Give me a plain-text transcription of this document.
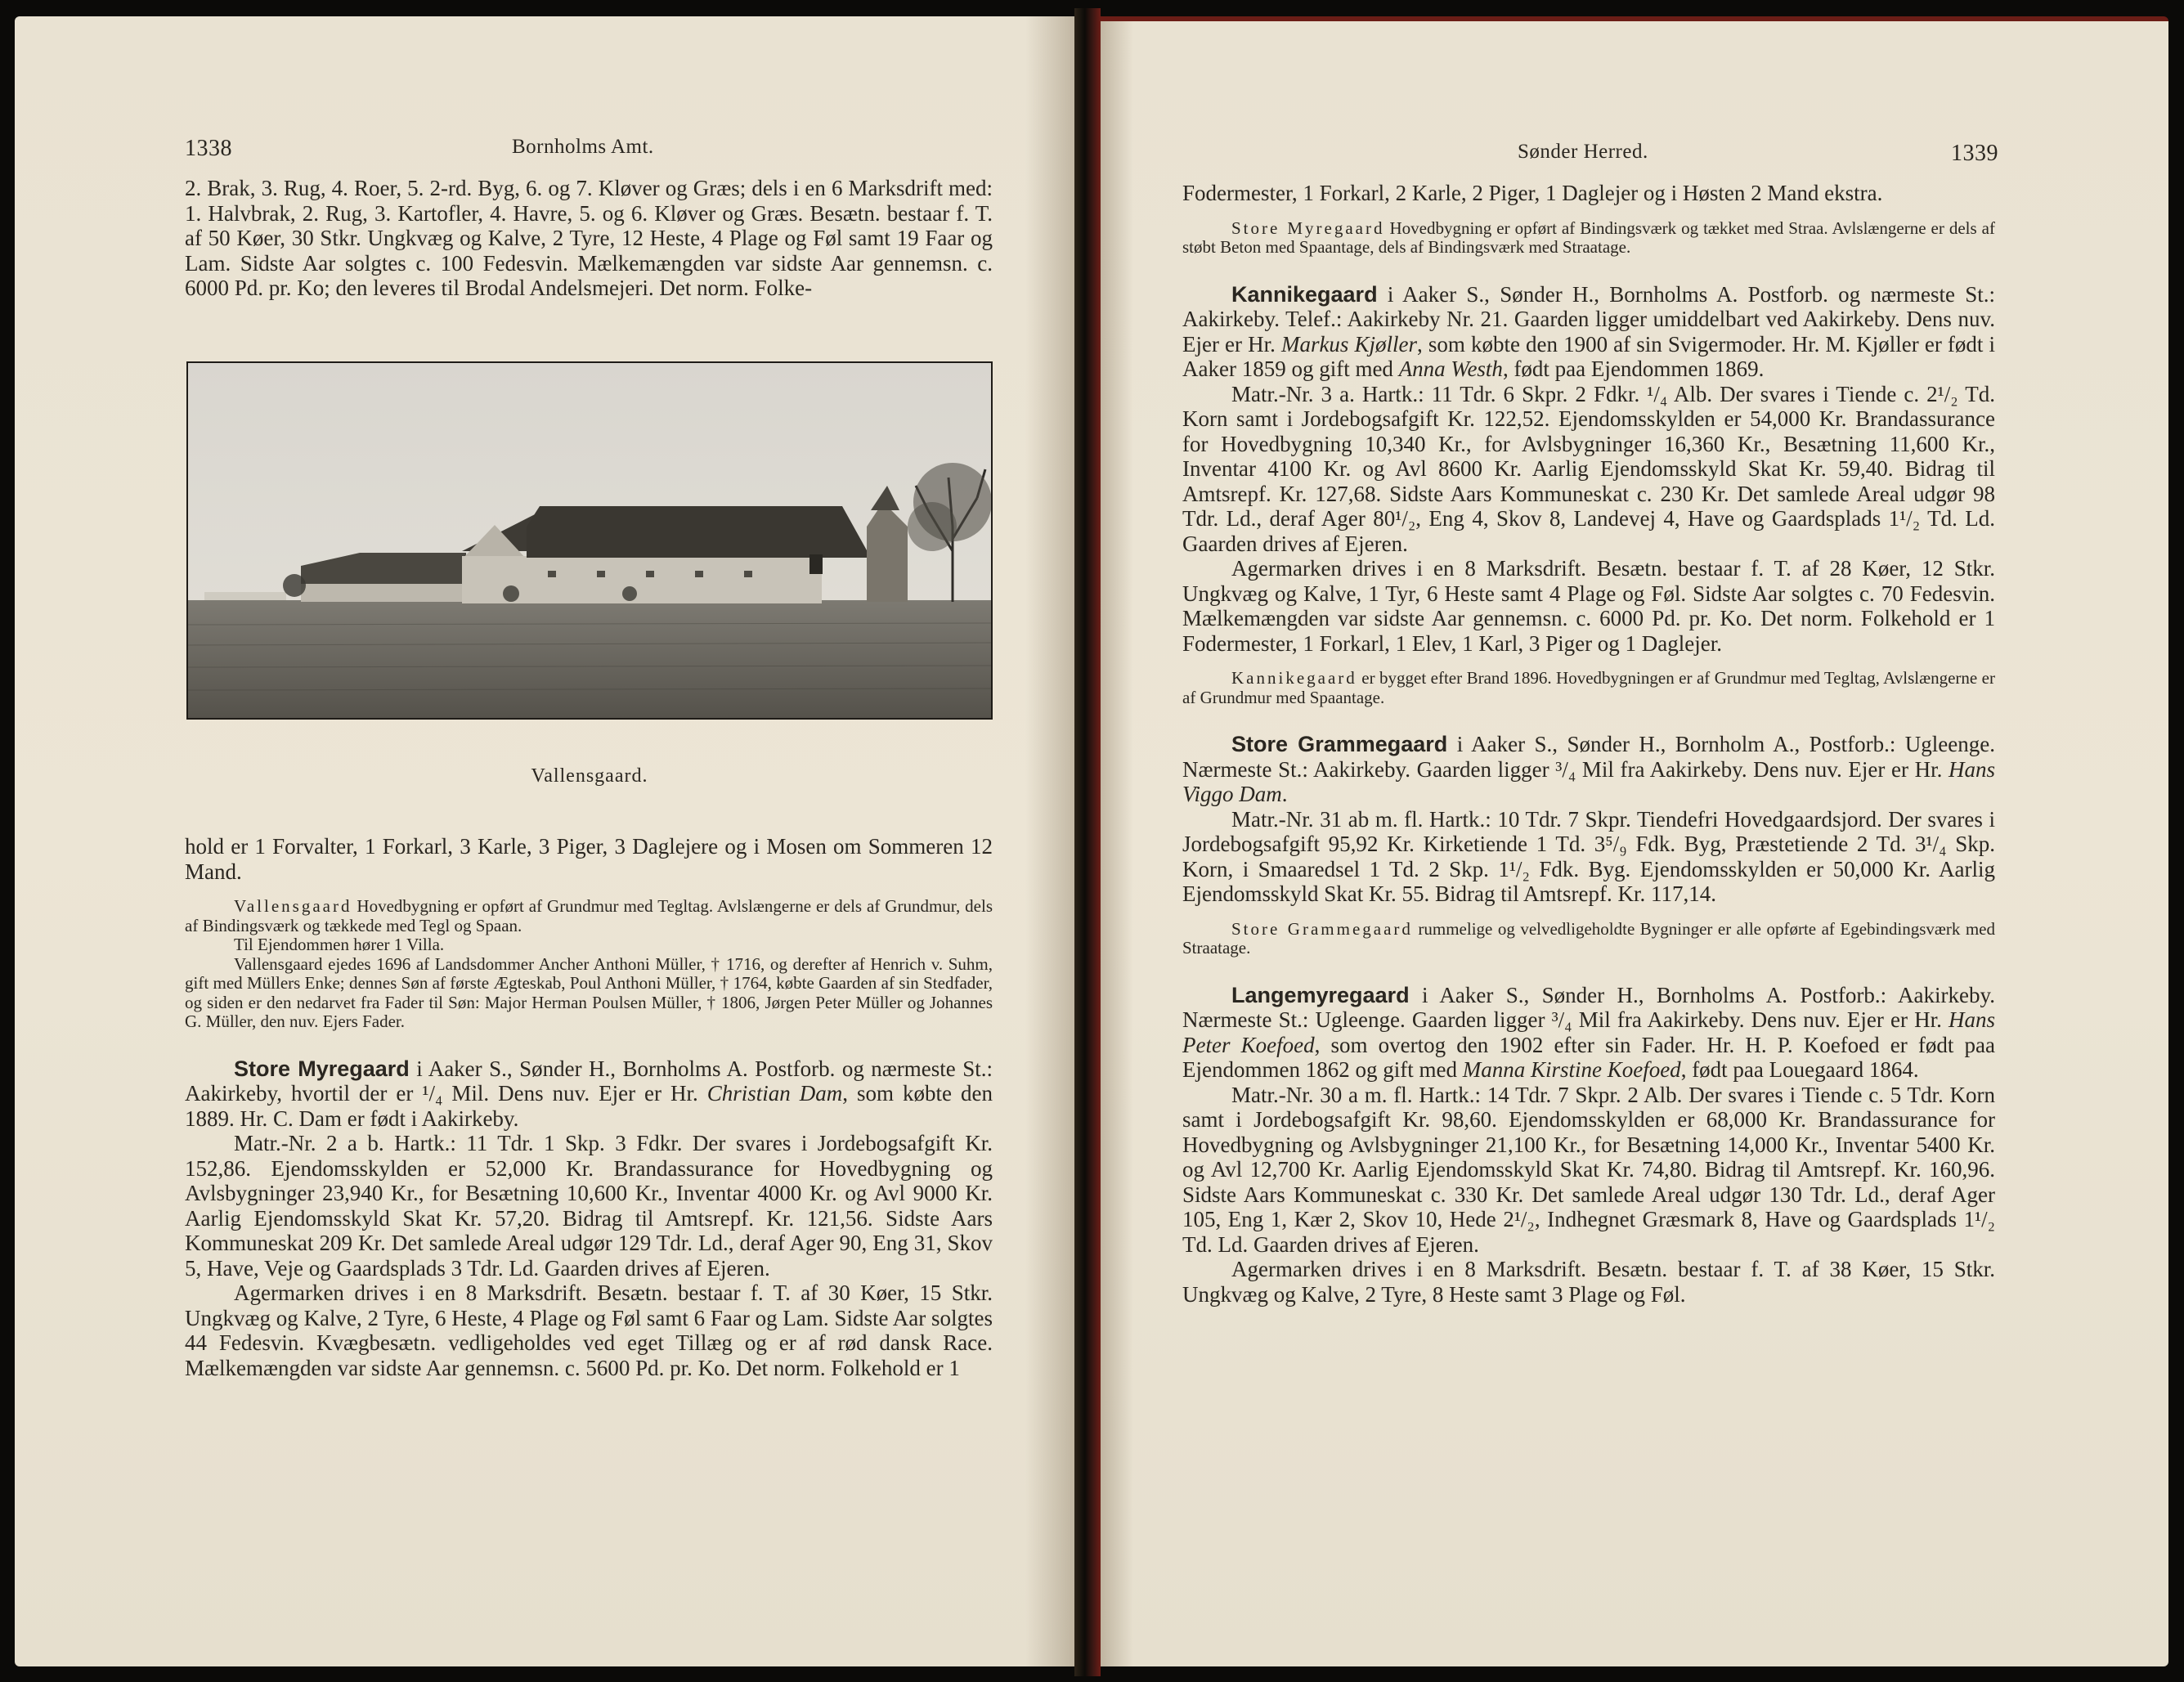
1338	Bornholms Amt.

2. Brak, 3. Rug, 4. Roer, 5. 2-rd. Byg, 6. og 7. Kløver og Græs; dels i en 6 Marksdrift med: 1. Halvbrak, 2. Rug, 3. Kartofler, 4. Havre, 5. og 6. Kløver og Græs. Besætn. bestaar f. T. af 50 Køer, 30 Stkr. Ungkvæg og Kalve, 2 Tyre, 12 Heste, 4 Plage og Føl samt 19 Faar og Lam. Sidste Aar solgtes c. 100 Fedesvin. Mælkemængden var sidste Aar gennemsn. c. 6000 Pd. pr. Ko; den leveres til Brodal Andelsmejeri. Det norm. Folke-

Vallensgaard.

hold er 1 Forvalter, 1 Forkarl, 3 Karle, 3 Piger, 3 Daglejere og i Mosen om Sommeren 12 Mand.

Vallensgaard Hovedbygning er opført af Grundmur med Tegltag. Avlslængerne er dels af Grundmur, dels af Bindingsværk og tækkede med Tegl og Spaan.

Til Ejendommen hører 1 Villa.

Vallensgaard ejedes 1696 af Landsdommer Ancher Anthoni Müller, † 1716, og derefter af Henrich v. Suhm, gift med Müllers Enke; dennes Søn af første Ægteskab, Poul Anthoni Müller, † 1764, købte Gaarden af sin Stedfader, og siden er den nedarvet fra Fader til Søn: Major Herman Poulsen Müller, † 1806, Jørgen Peter Müller og Johannes G. Müller, den nuv. Ejers Fader.

Store Myregaard i Aaker S., Sønder H., Bornholms A. Postforb. og nærmeste St.: Aakirkeby, hvortil der er ¹/₄ Mil. Dens nuv. Ejer er Hr. Christian Dam, som købte den 1889. Hr. C. Dam er født i Aakirkeby.

Matr.-Nr. 2 a b. Hartk.: 11 Tdr. 1 Skp. 3 Fdkr. Der svares i Jordebogsafgift Kr. 152,86. Ejendomsskylden er 52,000 Kr. Brandassurance for Hovedbygning og Avlsbygninger 23,940 Kr., for Besætning 10,600 Kr., Inventar 4000 Kr. og Avl 9000 Kr. Aarlig Ejendomsskyld Skat Kr. 57,20. Bidrag til Amtsrepf. Kr. 121,56. Sidste Aars Kommuneskat 209 Kr. Det samlede Areal udgør 129 Tdr. Ld., deraf Ager 90, Eng 31, Skov 5, Have, Veje og Gaardsplads 3 Tdr. Ld. Gaarden drives af Ejeren.

Agermarken drives i en 8 Marksdrift. Besætn. bestaar f. T. af 30 Køer, 15 Stkr. Ungkvæg og Kalve, 2 Tyre, 6 Heste, 4 Plage og Føl samt 6 Faar og Lam. Sidste Aar solgtes 44 Fedesvin. Kvægbesætn. vedligeholdes ved eget Tillæg og er af rød dansk Race. Mælkemængden var sidste Aar gennemsn. c. 5600 Pd. pr. Ko. Det norm. Folkehold er 1

Sønder Herred.	1339

Fodermester, 1 Forkarl, 2 Karle, 2 Piger, 1 Daglejer og i Høsten 2 Mand ekstra.

Store Myregaard Hovedbygning er opført af Bindingsværk og tækket med Straa. Avlslængerne er dels af støbt Beton med Spaantage, dels af Bindingsværk med Straatage.

Kannikegaard i Aaker S., Sønder H., Bornholms A. Postforb. og nærmeste St.: Aakirkeby. Telef.: Aakirkeby Nr. 21. Gaarden ligger umiddelbart ved Aakirkeby. Dens nuv. Ejer er Hr. Markus Kjøller, som købte den 1900 af sin Svigermoder. Hr. M. Kjøller er født i Aaker 1859 og gift med Anna Westh, født paa Ejendommen 1869.

Matr.-Nr. 3 a. Hartk.: 11 Tdr. 6 Skpr. 2 Fdkr. ¹/₄ Alb. Der svares i Tiende c. 2¹/₂ Td. Korn samt i Jordebogsafgift Kr. 122,52. Ejendomsskylden er 54,000 Kr. Brandassurance for Hovedbygning 10,340 Kr., for Avlsbygninger 16,360 Kr., Besætning 11,600 Kr., Inventar 4100 Kr. og Avl 8600 Kr. Aarlig Ejendomsskyld Skat Kr. 59,40. Bidrag til Amtsrepf. Kr. 127,68. Sidste Aars Kommuneskat c. 230 Kr. Det samlede Areal udgør 98 Tdr. Ld., deraf Ager 80¹/₂, Eng 4, Skov 8, Landevej 4, Have og Gaardsplads 1¹/₂ Td. Ld. Gaarden drives af Ejeren.

Agermarken drives i en 8 Marksdrift. Besætn. bestaar f. T. af 28 Køer, 12 Stkr. Ungkvæg og Kalve, 1 Tyr, 6 Heste samt 4 Plage og Føl. Sidste Aar solgtes c. 70 Fedesvin. Mælkemængden var sidste Aar gennemsn. c. 6000 Pd. pr. Ko. Det norm. Folkehold er 1 Fodermester, 1 Forkarl, 1 Elev, 1 Karl, 3 Piger og 1 Daglejer.

Kannikegaard er bygget efter Brand 1896. Hovedbygningen er af Grundmur med Tegltag, Avlslængerne er af Grundmur med Spaantage.

Store Grammegaard i Aaker S., Sønder H., Bornholm A., Postforb.: Ugleenge. Nærmeste St.: Aakirkeby. Gaarden ligger ³/₄ Mil fra Aakirkeby. Dens nuv. Ejer er Hr. Hans Viggo Dam.

Matr.-Nr. 31 ab m. fl. Hartk.: 10 Tdr. 7 Skpr. Tiendefri Hovedgaardsjord. Der svares i Jordebogsafgift 95,92 Kr. Kirketiende 1 Td. 3⁵/₉ Fdk. Byg, Præstetiende 2 Td. 3¹/₄ Skp. Korn, i Smaaredsel 1 Td. 2 Skp. 1¹/₂ Fdk. Byg. Ejendomsskylden er 50,000 Kr. Aarlig Ejendomsskyld Skat Kr. 55. Bidrag til Amtsrepf. Kr. 117,14.

Store Grammegaard rummelige og velvedligeholdte Bygninger er alle opførte af Egebindingsværk med Straatage.

Langemyregaard i Aaker S., Sønder H., Bornholms A. Postforb.: Aakirkeby. Nærmeste St.: Ugleenge. Gaarden ligger ³/₄ Mil fra Aakirkeby. Dens nuv. Ejer er Hr. Hans Peter Koefoed, som overtog den 1902 efter sin Fader. Hr. H. P. Koefoed er født paa Ejendommen 1862 og gift med Manna Kirstine Koefoed, født paa Louegaard 1864.

Matr.-Nr. 30 a m. fl. Hartk.: 14 Tdr. 7 Skpr. 2 Alb. Der svares i Tiende c. 5 Tdr. Korn samt i Jordebogsafgift Kr. 98,60. Ejendomsskylden er 68,000 Kr. Brandassurance for Hovedbygning og Avlsbygninger 21,100 Kr., for Besætning 14,000 Kr., Inventar 5400 Kr. og Avl 12,700 Kr. Aarlig Ejendomsskyld Skat Kr. 74,80. Bidrag til Amtsrepf. Kr. 160,96. Sidste Aars Kommuneskat c. 330 Kr. Det samlede Areal udgør 130 Tdr. Ld., deraf Ager 105, Eng 1, Kær 2, Skov 10, Hede 2¹/₂, Indhegnet Græsmark 8, Have og Gaardsplads 1¹/₂ Td. Ld. Gaarden drives af Ejeren.

Agermarken drives i en 8 Marksdrift. Besætn. bestaar f. T. af 38 Køer, 15 Stkr. Ungkvæg og Kalve, 2 Tyre, 8 Heste samt 3 Plage og Føl.
